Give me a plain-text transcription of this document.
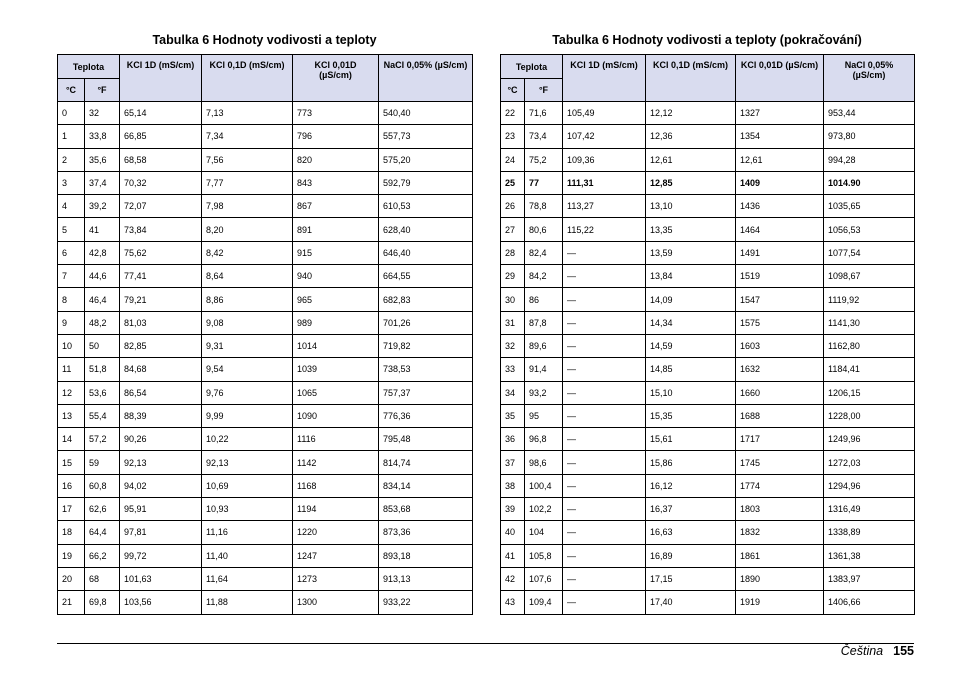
Tabulka 6 Hodnoty vodivosti a teploty
Teplota		KCl 1D (mS/cm)	KCl 0,1D (mS/cm)	KCl 0,01D (µS/cm)	NaCl 0,05% (µS/cm)
°C	°F				
0	32	65,14	7,13	773	540,40
1	33,8	66,85	7,34	796	557,73
2	35,6	68,58	7,56	820	575,20
3	37,4	70,32	7,77	843	592,79
4	39,2	72,07	7,98	867	610,53
5	41	73,84	8,20	891	628,40
6	42,8	75,62	8,42	915	646,40
7	44,6	77,41	8,64	940	664,55
8	46,4	79,21	8,86	965	682,83
9	48,2	81,03	9,08	989	701,26
10	50	82,85	9,31	1014	719,82
11	51,8	84,68	9,54	1039	738,53
12	53,6	86,54	9,76	1065	757,37
13	55,4	88,39	9,99	1090	776,36
14	57,2	90,26	10,22	1116	795,48
15	59	92,13	92,13	1142	814,74
16	60,8	94,02	10,69	1168	834,14
17	62,6	95,91	10,93	1194	853,68
18	64,4	97,81	11,16	1220	873,36
19	66,2	99,72	11,40	1247	893,18
20	68	101,63	11,64	1273	913,13
21	69,8	103,56	11,88	1300	933,22
Tabulka 6 Hodnoty vodivosti a teploty (pokračování)
Teplota		KCl 1D (mS/cm)	KCl 0,1D (mS/cm)	KCl 0,01D (µS/cm)	NaCl 0,05% (µS/cm)
°C	°F				
22	71,6	105,49	12,12	1327	953,44
23	73,4	107,42	12,36	1354	973,80
24	75,2	109,36	12,61	12,61	994,28
25	77	111,31	12,85	1409	1014.90
26	78,8	113,27	13,10	1436	1035,65
27	80,6	115,22	13,35	1464	1056,53
28	82,4	—	13,59	1491	1077,54
29	84,2	—	13,84	1519	1098,67
30	86	—	14,09	1547	1119,92
31	87,8	—	14,34	1575	1141,30
32	89,6	—	14,59	1603	1162,80
33	91,4	—	14,85	1632	1184,41
34	93,2	—	15,10	1660	1206,15
35	95	—	15,35	1688	1228,00
36	96,8	—	15,61	1717	1249,96
37	98,6	—	15,86	1745	1272,03
38	100,4	—	16,12	1774	1294,96
39	102,2	—	16,37	1803	1316,49
40	104	—	16,63	1832	1338,89
41	105,8	—	16,89	1861	1361,38
42	107,6	—	17,15	1890	1383,97
43	109,4	—	17,40	1919	1406,66
Čeština 155
